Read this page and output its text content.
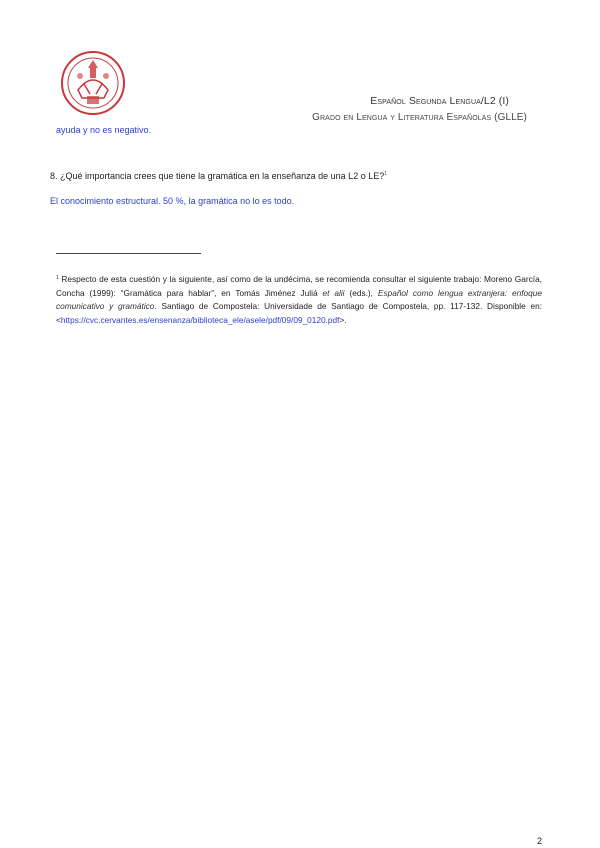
Español Segunda Lengua/L2 (I)
Grado en Lengua y Literatura Españolas (GLLE)
ayuda y no es negativo.
8. ¿Qué importancia crees que tiene la gramática en la enseñanza de una L2 o LE?$^1$
El conocimiento estructural. 50 %, la gramática no lo es todo.
$^1$ Respecto de esta cuestión y la siguiente, así como de la undécima, se recomienda consultar el siguiente trabajo: Moreno García, Concha (1999): “Gramática para hablar”, en Tomás Jiménez Juliá et alii (eds.), Español como lengua extranjera: enfoque comunicativo y gramático. Santiago de Compostela: Universidade de Santiago de Compostela, pp. 117-132. Disponible en: <https://cvc.cervantes.es/ensenanza/biblioteca_ele/asele/pdf/09/09_0120.pdf>.
2
